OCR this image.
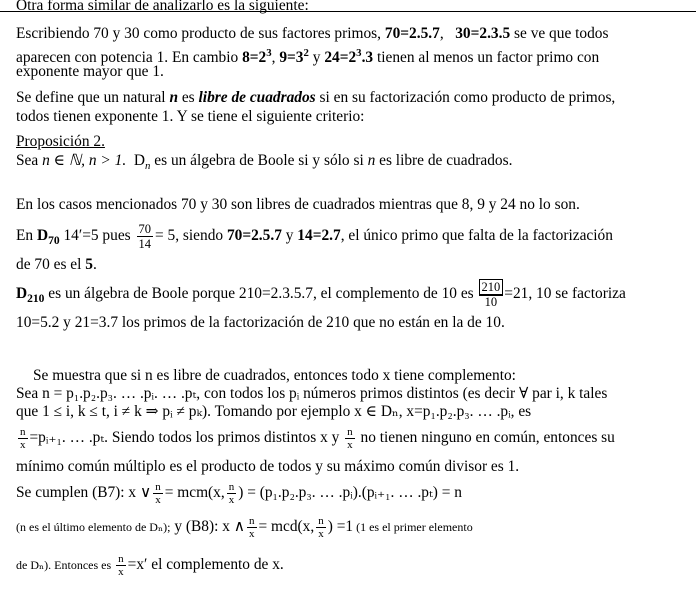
Otra forma similar de analizarlo es la siguiente:
Escribiendo 70 y 30 como producto de sus factores primos, 70=2.5.7,   30=2.3.5 se ve que todos
aparecen con potencia 1. En cambio $8=2^3$, $9=3^2$ y $24=2^3.3$ tienen al menos un factor primo con
exponente mayor que 1.
Se define que un natural n es libre de cuadrados si en su factorización como producto de primos,
todos tienen exponente 1. Y se tiene el siguiente criterio:
Proposición 2.
Sea n ∈ ℕ, n > 1. $D_n$ es un álgebra de Boole si y sólo si n es libre de cuadrados.
En los casos mencionados 70 y 30 son libres de cuadrados mientras que 8, 9 y 24 no lo son.
En $D_{70}$ 14′=5 pues $\frac{70}{14} = 5$, siendo 70=2.5.7 y 14=2.7, el único primo que falta de la factorización
de 70 es el 5.
$D_{210}$ es un álgebra de Boole porque 210=2.3.5.7, el complemento de 10 es $\frac{210}{10} =21$, 10 se factoriza
10=5.2 y 21=3.7 los primos de la factorización de 210 que no están en la de 10.
Se muestra que si n es libre de cuadrados, entonces todo x tiene complemento:
Sea n = p₁.p₂.p₃. … .pᵢ. … .pₜ, con todos los pᵢ números primos distintos (es decir ∀ par i, k tales
que 1 ≤ i, k ≤ t, i ≠ k ⇒ pᵢ ≠ pₖ). Tomando por ejemplo x ∈ Dₙ, x=p₁.p₂.p₃. … .pᵢ, es
$\frac{n}{x}$ =pᵢ₊₁. … .pₜ. Siendo todos los primos distintos x y $\frac{n}{x}$ no tienen ninguno en común, entonces su
mínimo común múltiplo es el producto de todos y su máximo común divisor es 1.
Se cumplen (B7): x ∨ $\frac{n}{x} = mcm(x$, $\frac{n}{x}$ ) = (p₁.p₂.p₃. … .pᵢ).(pᵢ₊₁. … .pₜ) = n
(n es el último elemento de Dₙ); y (B8): x ∧ $\frac{n}{x} = mcd(x$, $\frac{n}{x}$ ) =1 (1 es el primer elemento
de Dₙ). Entonces es $\frac{n}{x} =x'$ el complemento de x.
